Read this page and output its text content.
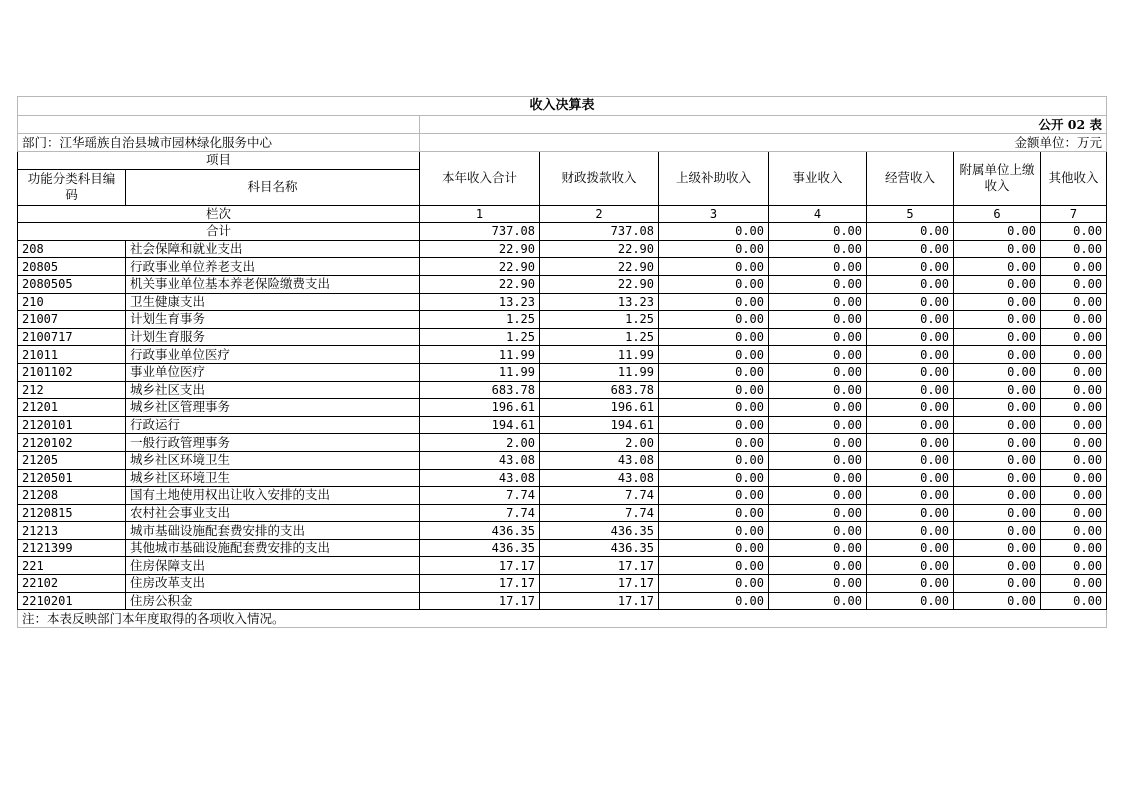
收入决算表								
		公开 02 表						
部门：江华瑶族自治县城市园林绿化服务中心		金额单位：万元						
项目		本年收入合计	财政拨款收入	上级补助收入	事业收入	经营收入	附属单位上缴收入	其他收入
功能分类科目编码	科目名称							
栏次		1	2	3	4	5	6	7
合计		737.08	737.08	0.00	0.00	0.00	0.00	0.00
208	社会保障和就业支出	22.90	22.90	0.00	0.00	0.00	0.00	0.00
20805	行政事业单位养老支出	22.90	22.90	0.00	0.00	0.00	0.00	0.00
2080505	机关事业单位基本养老保险缴费支出	22.90	22.90	0.00	0.00	0.00	0.00	0.00
210	卫生健康支出	13.23	13.23	0.00	0.00	0.00	0.00	0.00
21007	计划生育事务	1.25	1.25	0.00	0.00	0.00	0.00	0.00
2100717	计划生育服务	1.25	1.25	0.00	0.00	0.00	0.00	0.00
21011	行政事业单位医疗	11.99	11.99	0.00	0.00	0.00	0.00	0.00
2101102	事业单位医疗	11.99	11.99	0.00	0.00	0.00	0.00	0.00
212	城乡社区支出	683.78	683.78	0.00	0.00	0.00	0.00	0.00
21201	城乡社区管理事务	196.61	196.61	0.00	0.00	0.00	0.00	0.00
2120101	行政运行	194.61	194.61	0.00	0.00	0.00	0.00	0.00
2120102	一般行政管理事务	2.00	2.00	0.00	0.00	0.00	0.00	0.00
21205	城乡社区环境卫生	43.08	43.08	0.00	0.00	0.00	0.00	0.00
2120501	城乡社区环境卫生	43.08	43.08	0.00	0.00	0.00	0.00	0.00
21208	国有土地使用权出让收入安排的支出	7.74	7.74	0.00	0.00	0.00	0.00	0.00
2120815	农村社会事业支出	7.74	7.74	0.00	0.00	0.00	0.00	0.00
21213	城市基础设施配套费安排的支出	436.35	436.35	0.00	0.00	0.00	0.00	0.00
2121399	其他城市基础设施配套费安排的支出	436.35	436.35	0.00	0.00	0.00	0.00	0.00
221	住房保障支出	17.17	17.17	0.00	0.00	0.00	0.00	0.00
22102	住房改革支出	17.17	17.17	0.00	0.00	0.00	0.00	0.00
2210201	住房公积金	17.17	17.17	0.00	0.00	0.00	0.00	0.00
注：本表反映部门本年度取得的各项收入情况。								
